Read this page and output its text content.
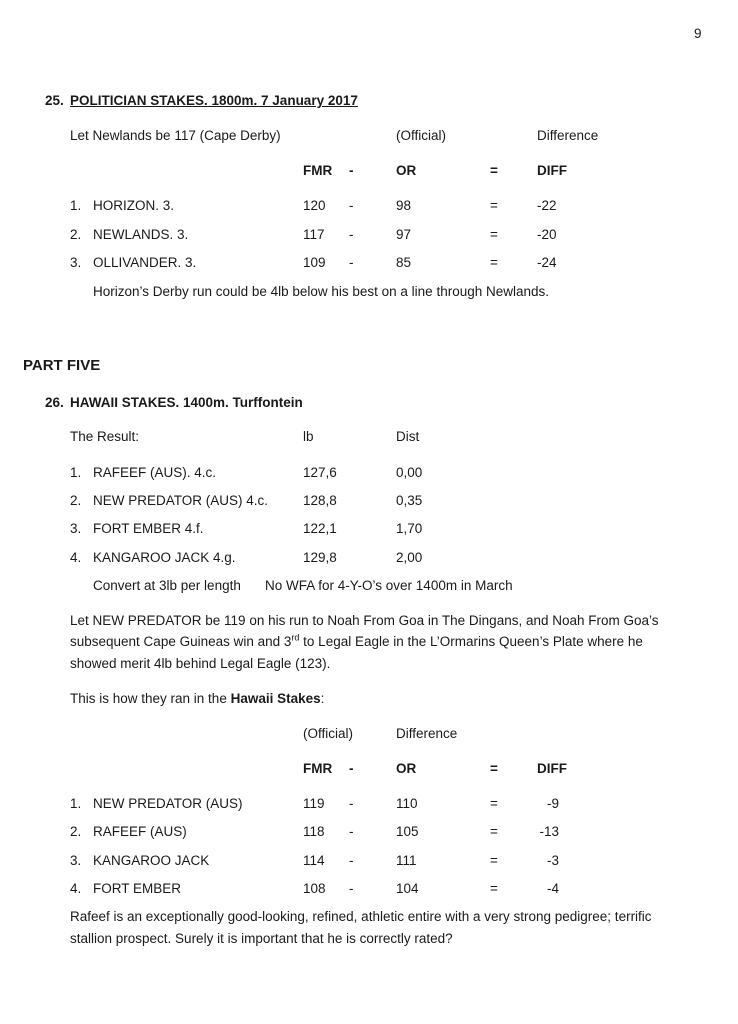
9
25. POLITICIAN STAKES. 1800m. 7 January 2017
Let Newlands be 117 (Cape Derby)	(Official)	Difference
FMR -	OR	=	DIFF
1. HORIZON. 3.	120 -	98	=	-22
2. NEWLANDS. 3.	117 -	97	=	-20
3. OLLIVANDER. 3.	109 -	85	=	-24
Horizon’s Derby run could be 4lb below his best on a line through Newlands.
PART FIVE
26. HAWAII STAKES. 1400m. Turffontein
The Result:	lb	Dist
1. RAFEEF (AUS). 4.c.	127,6	0,00
2. NEW PREDATOR (AUS) 4.c.	128,8	0,35
3. FORT EMBER 4.f.	122,1	1,70
4. KANGAROO JACK 4.g.	129,8	2,00
Convert at 3lb per length No WFA for 4-Y-O’s over 1400m in March
Let NEW PREDATOR be 119 on his run to Noah From Goa in The Dingans, and Noah From Goa’s
subsequent Cape Guineas win and 3rd to Legal Eagle in the L’Ormarins Queen’s Plate where he
showed merit 4lb behind Legal Eagle (123).
This is how they ran in the Hawaii Stakes:
(Official)	Difference
FMR -	OR	=	DIFF
1. NEW PREDATOR (AUS)	119 -	110	=	-9
2. RAFEEF (AUS)	118 -	105	=	-13
3. KANGAROO JACK	114 -	111	=	-3
4. FORT EMBER	108 -	104	=	-4
Rafeef is an exceptionally good-looking, refined, athletic entire with a very strong pedigree; terrific
stallion prospect. Surely it is important that he is correctly rated?
